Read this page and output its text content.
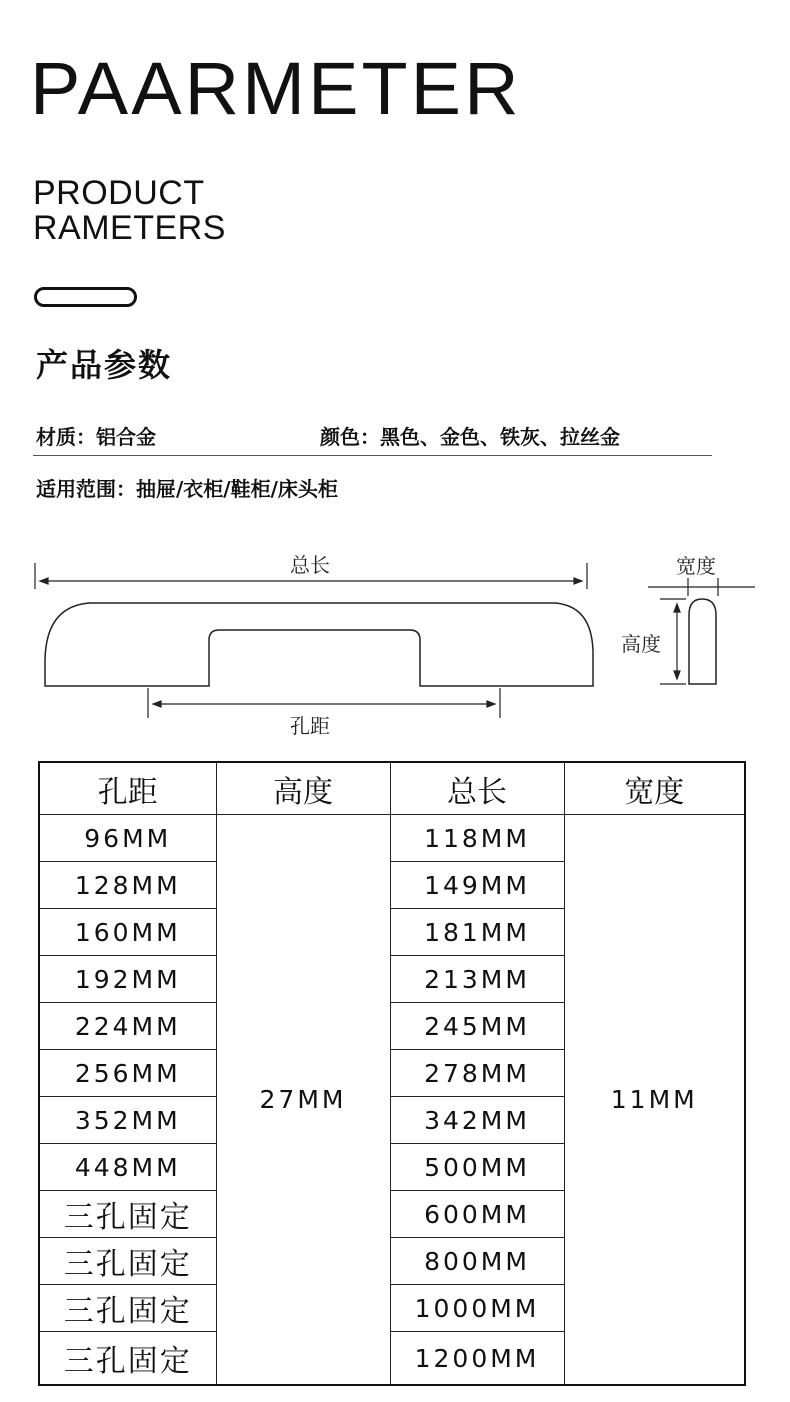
PAARMETER
PRODUCT
RAMETERS
产品参数
材质：铝合金	颜色：黑色、金色、铁灰、拉丝金
适用范围：抽屉/衣柜/鞋柜/床头柜
总长
孔距
宽度
高度
孔距	高度	总长	宽度
96MM	27MM	118MM	11MM
128MM		149MM	
160MM		181MM	
192MM		213MM	
224MM		245MM	
256MM		278MM	
352MM		342MM	
448MM		500MM	
三孔固定		600MM	
三孔固定		800MM	
三孔固定		1000MM	
三孔固定		1200MM	
